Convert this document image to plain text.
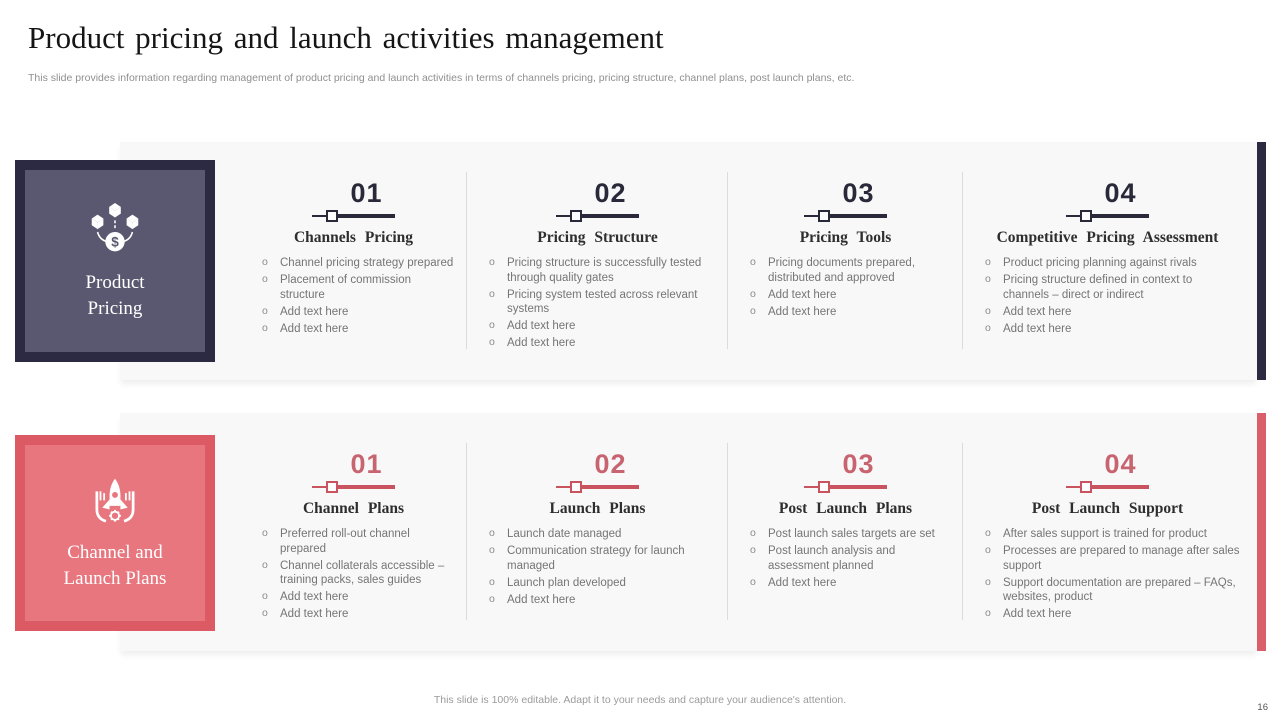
Product pricing and launch activities management
This slide provides information regarding management of product pricing and launch activities in terms of channels pricing, pricing structure, channel plans, post launch plans, etc.
$
Product
Pricing
01
Channels Pricing
o Channel pricing strategy prepared
o Placement of commission structure
o Add text here
o Add text here
02
Pricing Structure
o Pricing structure is successfully tested through quality gates
o Pricing system tested across relevant systems
o Add text here
o Add text here
03
Pricing Tools
o Pricing documents prepared, distributed and approved
o Add text here
o Add text here
04
Competitive Pricing Assessment
o Product pricing planning against rivals
o Pricing structure defined in context to channels – direct or indirect
o Add text here
o Add text here
Channel and
Launch Plans
01
Channel Plans
o Preferred roll-out channel prepared
o Channel collaterals accessible – training packs, sales guides
o Add text here
o Add text here
02
Launch Plans
o Launch date managed
o Communication strategy for launch managed
o Launch plan developed
o Add text here
03
Post Launch Plans
o Post launch sales targets are set
o Post launch analysis and assessment planned
o Add text here
04
Post Launch Support
o After sales support is trained for product
o Processes are prepared to manage after sales support
o Support documentation are prepared – FAQs, websites, product
o Add text here
This slide is 100% editable. Adapt it to your needs and capture your audience's attention.
16
